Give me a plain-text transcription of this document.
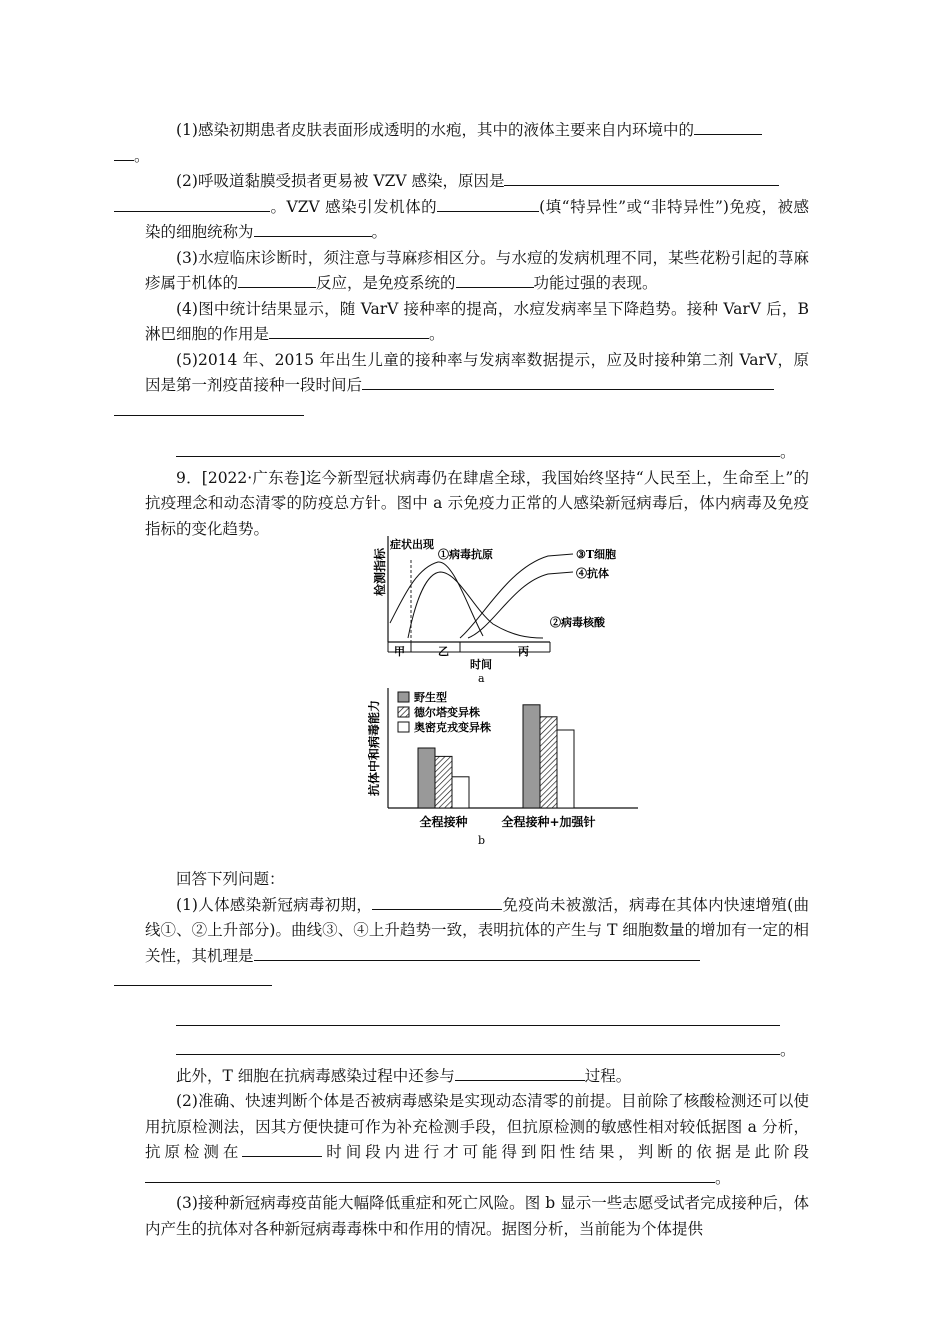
(1)感染初期患者皮肤表面形成透明的水疱，其中的液体主要来自内环境中的
。

(2)呼吸道黏膜受损者更易被 VZV 感染，原因是
。VZV 感染引发机体的	(填“特异性”或“非特异性”)免疫，被感染的细胞统称为	。

(3)水痘临床诊断时，须注意与荨麻疹相区分。与水痘的发病机理不同，某些花粉引起的荨麻疹属于机体的	反应，是免疫系统的	功能过强的表现。

(4)图中统计结果显示，随 VarV 接种率的提高，水痘发病率呈下降趋势。接种 VarV 后，B 淋巴细胞的作用是	。

(5)2014 年、2015 年出生儿童的接种率与发病率数据提示，应及时接种第二剂 VarV，原因是第一剂疫苗接种一段时间后

。

9．[2022·广东卷]迄今新型冠状病毒仍在肆虐全球，我国始终坚持“人民至上，生命至上”的抗疫理念和动态清零的防疫总方针。图中 a 示免疫力正常的人感染新冠病毒后，体内病毒及免疫指标的变化趋势。

回答下列问题：

(1)人体感染新冠病毒初期，	免疫尚未被激活，病毒在其体内快速增殖(曲线①、②上升部分)。曲线③、④上升趋势一致，表明抗体的产生与 T 细胞数量的增加有一定的相关性，其机理是

。

此外，T 细胞在抗病毒感染过程中还参与	过程。

(2)准确、快速判断个体是否被病毒感染是实现动态清零的前提。目前除了核酸检测还可以使用抗原检测法，因其方便快捷可作为补充检测手段，但抗原检测的敏感性相对较低据图 a 分析，抗原检测在	时间段内进行才可能得到阳性结果，判断的依据是此阶段。

(3)接种新冠病毒疫苗能大幅降低重症和死亡风险。图 b 显示一些志愿受试者完成接种后，体内产生的抗体对各种新冠病毒毒株中和作用的情况。据图分析，当前能为个体提供

检测指标
症状出现
①病毒抗原	③T细胞
④抗体
②病毒核酸
甲	乙	丙
时间
a
抗体中和病毒能力
b
全程接种	全程接种+加强针
野生型
德尔塔变异株
奥密克戎变异株
